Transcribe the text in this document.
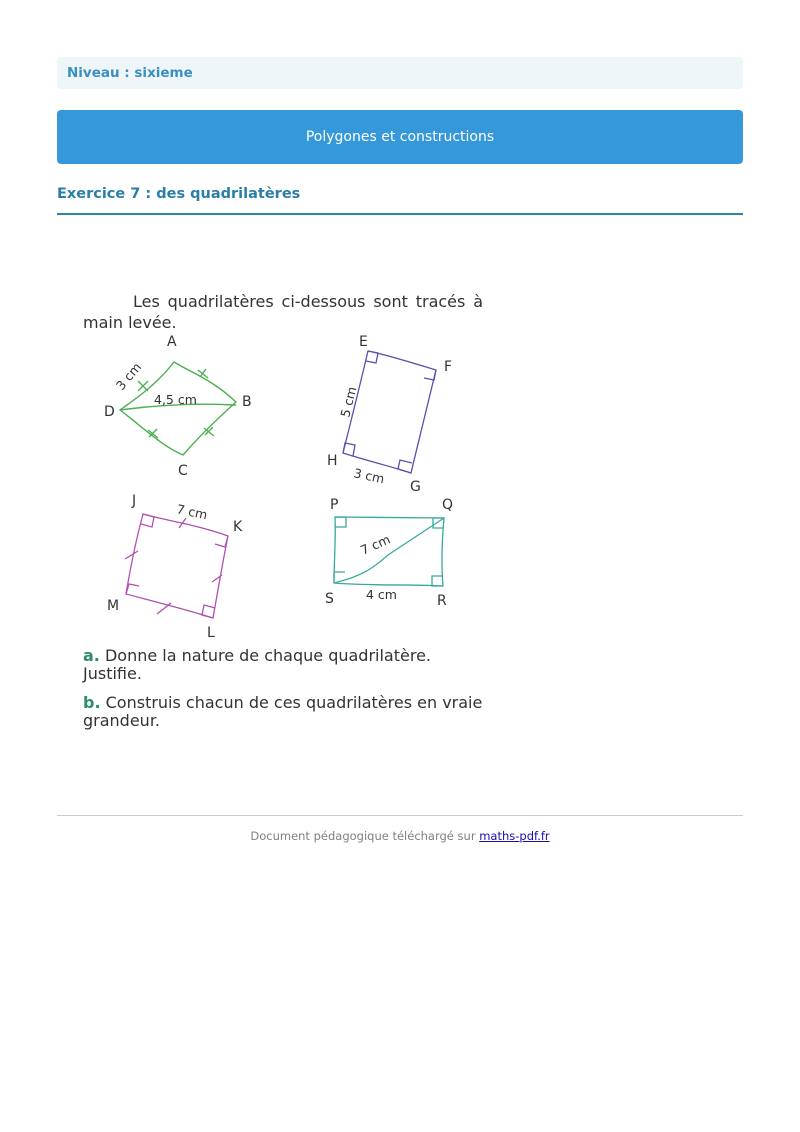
Niveau : sixieme
Polygones et constructions
Exercice 7 : des quadrilatères
Les quadrilatères ci-dessous sont tracés à main levée.
A
B
C
D
4,5 cm
3 cm
E
F
G
H
5 cm
3 cm
J
K
L
M
7 cm	P	Q
R
S	4 cm
7 cm
a. Donne la nature de chaque quadrilatère. Justifie.
b. Construis chacun de ces quadrilatères en vraie grandeur.
Document pédagogique téléchargé sur maths-pdf.fr
